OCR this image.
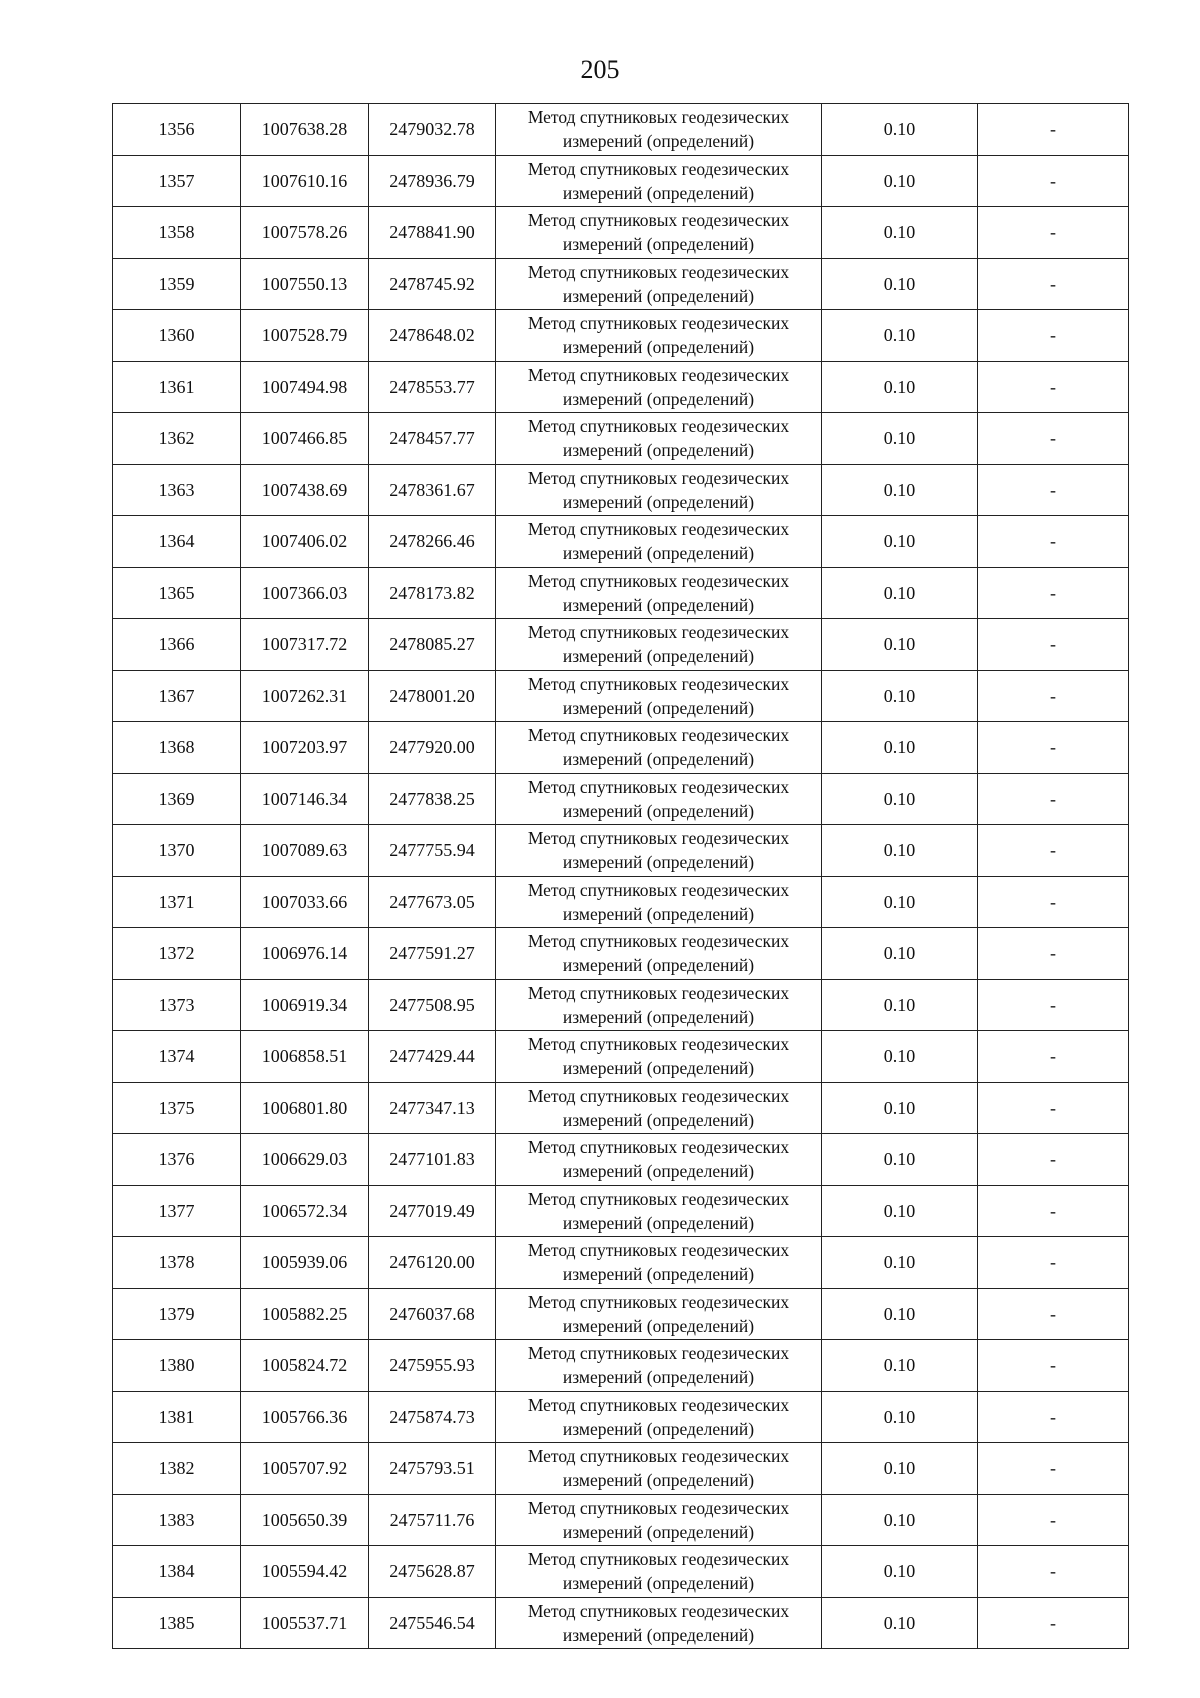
205
1356	1007638.28	2479032.78	Метод спутниковых геодезических измерений (определений)	0.10	-
1357	1007610.16	2478936.79	Метод спутниковых геодезических измерений (определений)	0.10	-
1358	1007578.26	2478841.90	Метод спутниковых геодезических измерений (определений)	0.10	-
1359	1007550.13	2478745.92	Метод спутниковых геодезических измерений (определений)	0.10	-
1360	1007528.79	2478648.02	Метод спутниковых геодезических измерений (определений)	0.10	-
1361	1007494.98	2478553.77	Метод спутниковых геодезических измерений (определений)	0.10	-
1362	1007466.85	2478457.77	Метод спутниковых геодезических измерений (определений)	0.10	-
1363	1007438.69	2478361.67	Метод спутниковых геодезических измерений (определений)	0.10	-
1364	1007406.02	2478266.46	Метод спутниковых геодезических измерений (определений)	0.10	-
1365	1007366.03	2478173.82	Метод спутниковых геодезических измерений (определений)	0.10	-
1366	1007317.72	2478085.27	Метод спутниковых геодезических измерений (определений)	0.10	-
1367	1007262.31	2478001.20	Метод спутниковых геодезических измерений (определений)	0.10	-
1368	1007203.97	2477920.00	Метод спутниковых геодезических измерений (определений)	0.10	-
1369	1007146.34	2477838.25	Метод спутниковых геодезических измерений (определений)	0.10	-
1370	1007089.63	2477755.94	Метод спутниковых геодезических измерений (определений)	0.10	-
1371	1007033.66	2477673.05	Метод спутниковых геодезических измерений (определений)	0.10	-
1372	1006976.14	2477591.27	Метод спутниковых геодезических измерений (определений)	0.10	-
1373	1006919.34	2477508.95	Метод спутниковых геодезических измерений (определений)	0.10	-
1374	1006858.51	2477429.44	Метод спутниковых геодезических измерений (определений)	0.10	-
1375	1006801.80	2477347.13	Метод спутниковых геодезических измерений (определений)	0.10	-
1376	1006629.03	2477101.83	Метод спутниковых геодезических измерений (определений)	0.10	-
1377	1006572.34	2477019.49	Метод спутниковых геодезических измерений (определений)	0.10	-
1378	1005939.06	2476120.00	Метод спутниковых геодезических измерений (определений)	0.10	-
1379	1005882.25	2476037.68	Метод спутниковых геодезических измерений (определений)	0.10	-
1380	1005824.72	2475955.93	Метод спутниковых геодезических измерений (определений)	0.10	-
1381	1005766.36	2475874.73	Метод спутниковых геодезических измерений (определений)	0.10	-
1382	1005707.92	2475793.51	Метод спутниковых геодезических измерений (определений)	0.10	-
1383	1005650.39	2475711.76	Метод спутниковых геодезических измерений (определений)	0.10	-
1384	1005594.42	2475628.87	Метод спутниковых геодезических измерений (определений)	0.10	-
1385	1005537.71	2475546.54	Метод спутниковых геодезических измерений (определений)	0.10	-
